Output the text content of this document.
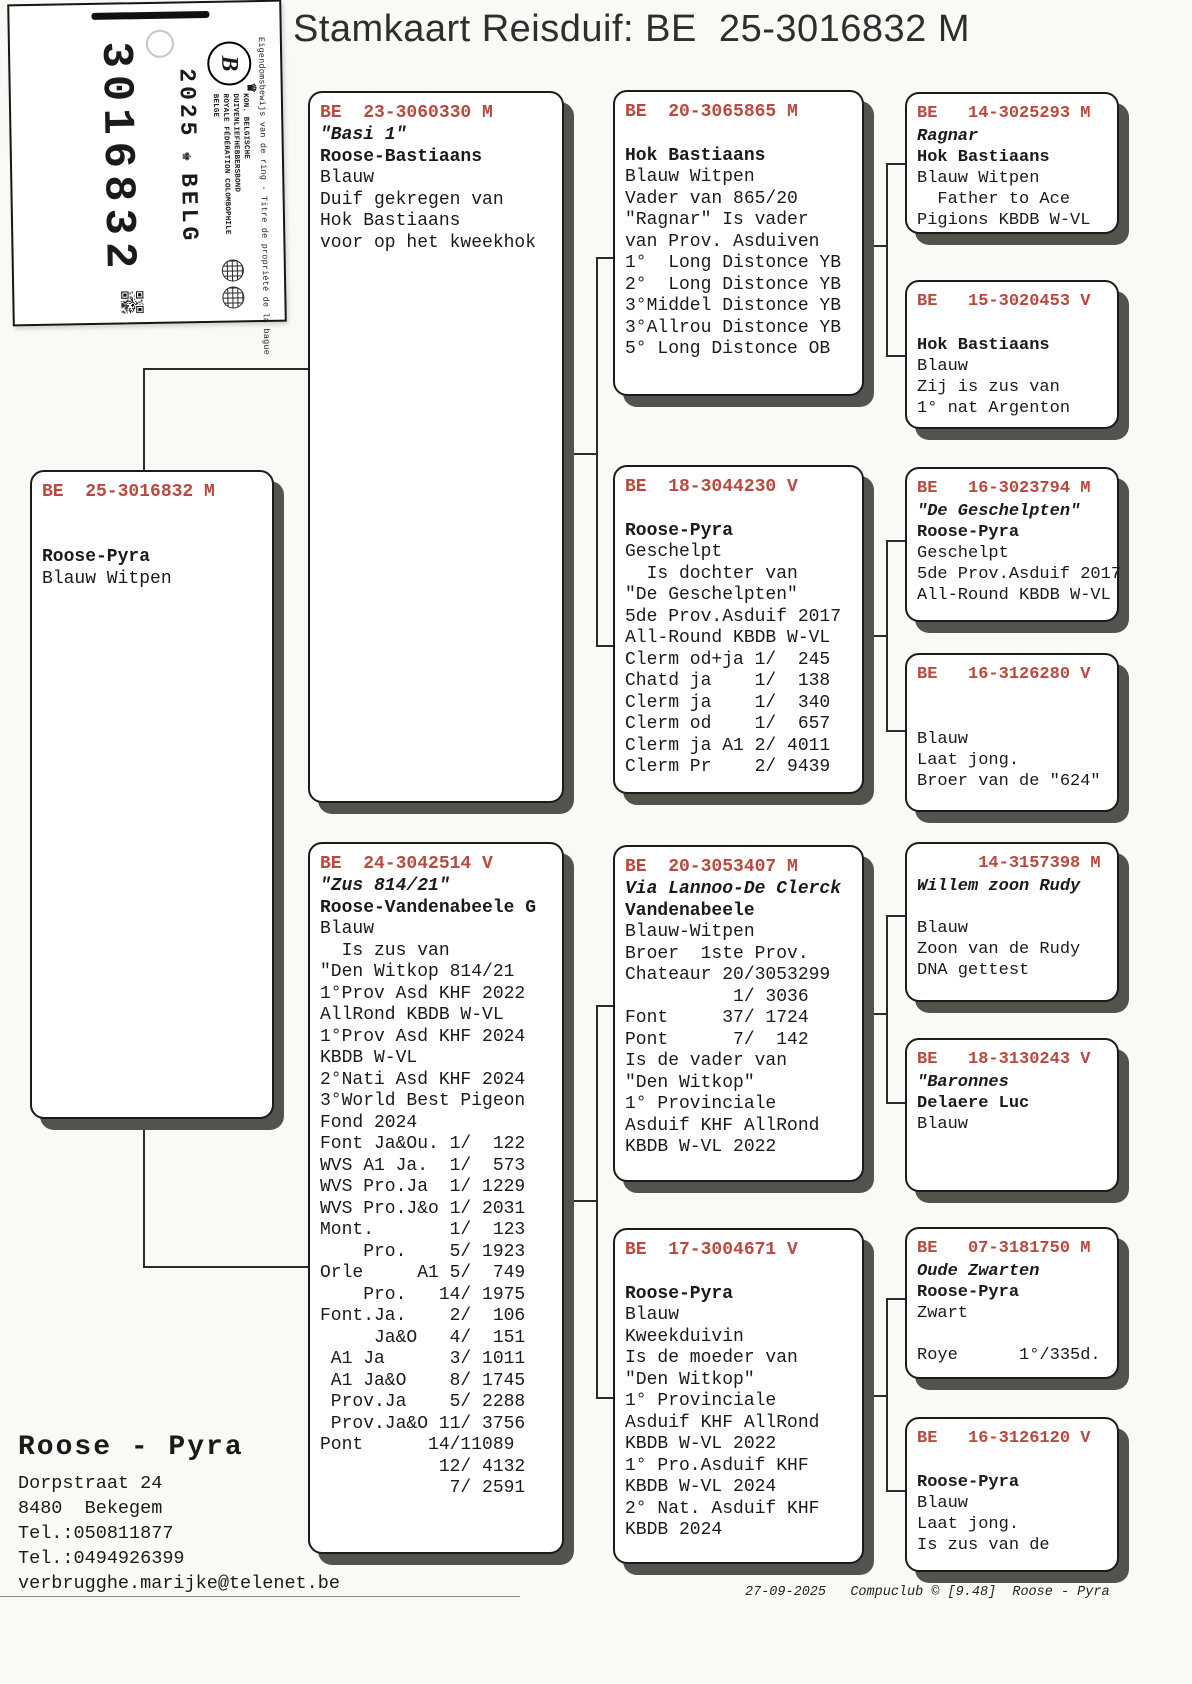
Stamkaart Reisduif: BE  25-3016832 M
Eigendomsbewijs van de ring · Titre de propriété de la bague
B
♛
KON. BELGISCHE DUIVENLIEFHEBBERSBOND
ROYALE FÉDÉRATION COLOMBOPHILE BELGE
2025
♚
BELG
3016832
BE  25-3016832 M

Roose-Pyra
Blauw Witpen
BE  23-3060330 M
"Basi 1"
Roose-Bastiaans
Blauw
Duif gekregen van
Hok Bastiaans
voor op het kweekhok
BE  24-3042514 V
"Zus 814/21"
Roose-Vandenabeele G
Blauw
Is zus van
"Den Witkop 814/21
1°Prov Asd KHF 2022
AllRond KBDB W-VL
1°Prov Asd KHF 2024
KBDB W-VL
2°Nati Asd KHF 2024
3°World Best Pigeon
Fond 2024
Font Ja&Ou. 1/  122
WVS A1 Ja.  1/  573
WVS Pro.Ja  1/ 1229
WVS Pro.J&o 1/ 2031
Mont.       1/  123
Pro.    5/ 1923
Orle     A1 5/  749
Pro.   14/ 1975
Font.Ja.    2/  106
Ja&O   4/  151
A1 Ja      3/ 1011
A1 Ja&O    8/ 1745
Prov.Ja    5/ 2288
Prov.Ja&O 11/ 3756
Pont      14/11089
12/ 4132
7/ 2591
BE  20-3065865 M

Hok Bastiaans
Blauw Witpen
Vader van 865/20
"Ragnar" Is vader
van Prov. Asduiven
1°  Long Distonce YB
2°  Long Distonce YB
3°Middel Distonce YB
3°Allrou Distonce YB
5° Long Distonce OB
BE  18-3044230 V

Roose-Pyra
Geschelpt
Is dochter van
"De Geschelpten"
5de Prov.Asduif 2017
All-Round KBDB W-VL
Clerm od+ja 1/  245
Chatd ja    1/  138
Clerm ja    1/  340
Clerm od    1/  657
Clerm ja A1 2/ 4011
Clerm Pr    2/ 9439
BE  20-3053407 M
Via Lannoo-De Clerck
Vandenabeele
Blauw-Witpen
Broer  1ste Prov.
Chateaur 20/3053299
1/ 3036
Font     37/ 1724
Pont      7/  142
Is de vader van
"Den Witkop"
1° Provinciale
Asduif KHF AllRond
KBDB W-VL 2022
BE  17-3004671 V

Roose-Pyra
Blauw
Kweekduivin
Is de moeder van
"Den Witkop"
1° Provinciale
Asduif KHF AllRond
KBDB W-VL 2022
1° Pro.Asduif KHF
KBDB W-VL 2024
2° Nat. Asduif KHF
KBDB 2024
BE   14-3025293 M
Ragnar
Hok Bastiaans
Blauw Witpen
Father to Ace
Pigions KBDB W-VL
BE   15-3020453 V

Hok Bastiaans
Blauw
Zij is zus van
1° nat Argenton
BE   16-3023794 M
"De Geschelpten"
Roose-Pyra
Geschelpt
5de Prov.Asduif 2017
All-Round KBDB W-VL
BE   16-3126280 V

Blauw
Laat jong.
Broer van de "624"
14-3157398 M
Willem zoon Rudy

Blauw
Zoon van de Rudy
DNA gettest
BE   18-3130243 V
"Baronnes
Delaere Luc
Blauw
BE   07-3181750 M
Oude Zwarten
Roose-Pyra
Zwart

Roye      1°/335d.
BE   16-3126120 V

Roose-Pyra
Blauw
Laat jong.
Is zus van de
Roose - Pyra
Dorpstraat 24
8480  Bekegem
Tel.:050811877
Tel.:0494926399
verbrugghe.marijke@telenet.be	27-09-2025 Compuclub © [9.48] Roose - Pyra
